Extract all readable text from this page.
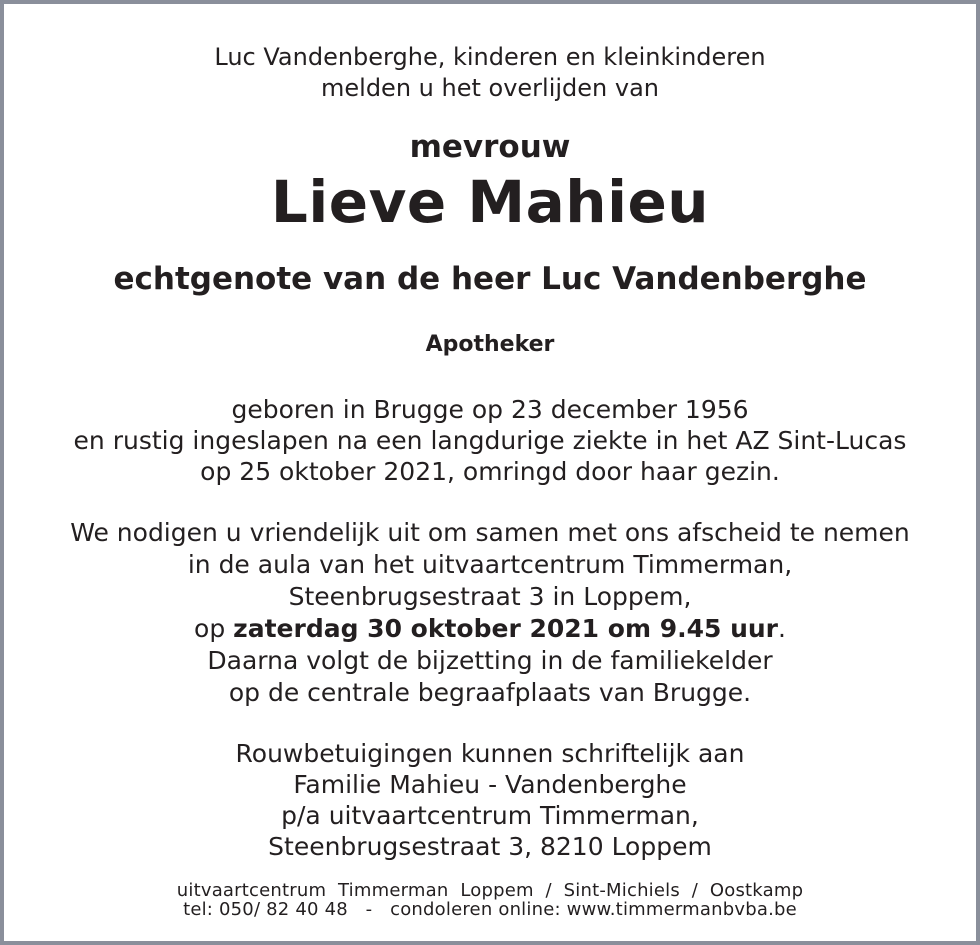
Luc Vandenberghe, kinderen en kleinkinderen
melden u het overlijden van
mevrouw
Lieve Mahieu
echtgenote van de heer Luc Vandenberghe
Apotheker
geboren in Brugge op 23 december 1956
en rustig ingeslapen na een langdurige ziekte in het AZ Sint-Lucas
op 25 oktober 2021, omringd door haar gezin.
We nodigen u vriendelijk uit om samen met ons afscheid te nemen
in de aula van het uitvaartcentrum Timmerman,
Steenbrugsestraat 3 in Loppem,
op zaterdag 30 oktober 2021 om 9.45 uur.
Daarna volgt de bijzetting in de familiekelder
op de centrale begraafplaats van Brugge.
Rouwbetuigingen kunnen schriftelijk aan
Familie Mahieu - Vandenberghe
p/a uitvaartcentrum Timmerman,
Steenbrugsestraat 3, 8210 Loppem
uitvaartcentrum  Timmerman  Loppem  /  Sint-Michiels  /  Oostkamp
tel: 050/ 82 40 48   -   condoleren online: www.timmermanbvba.be
